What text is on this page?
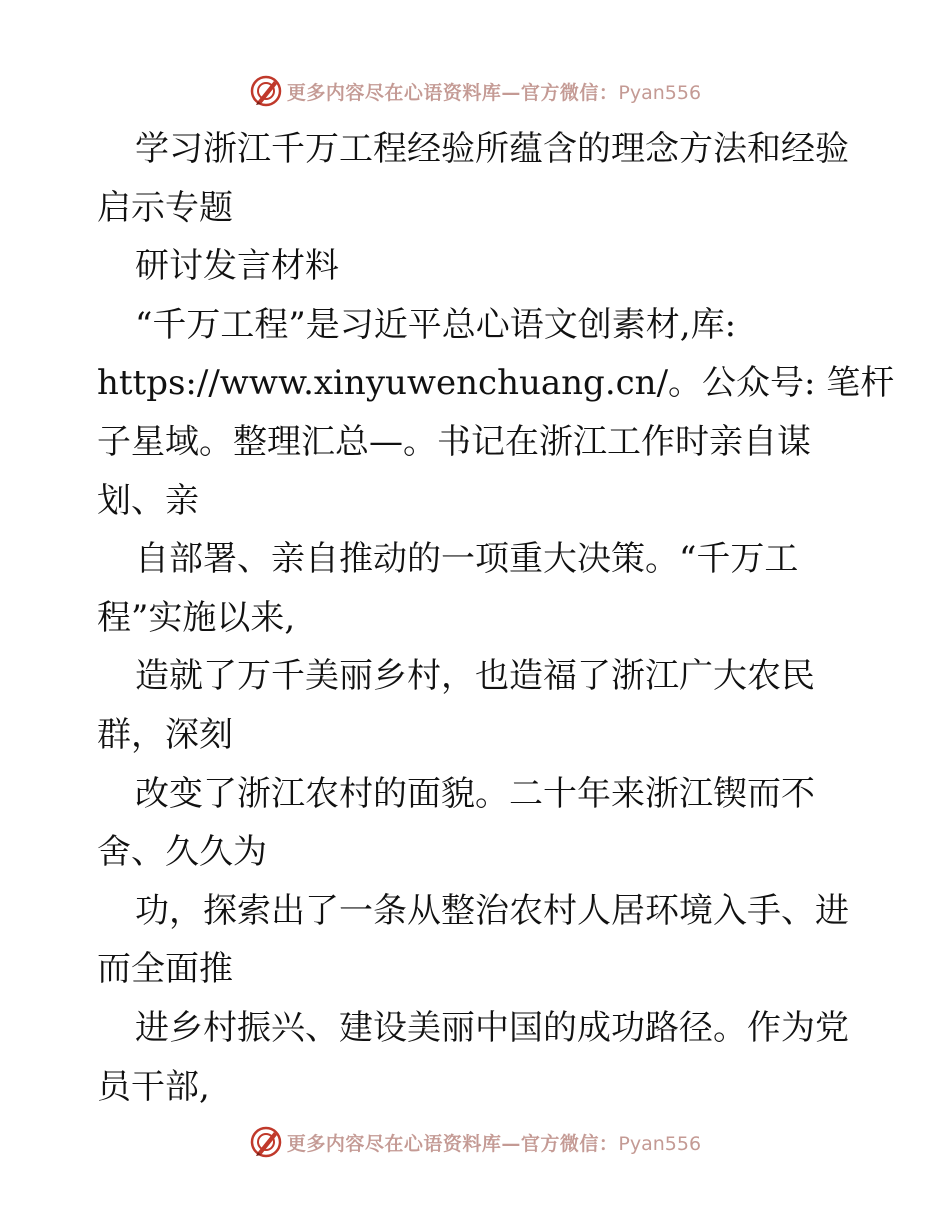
更多内容尽在心语资料库—官方微信：Pyan556
学习浙江千万工程经验所蕴含的理念方法和经验
启示专题
研讨发言材料
“千万工程”是习近平总心语文创素材,库:
https://www.xinyuwenchuang.cn/。公众号: 笔杆
子星域。整理汇总—。书记在浙江工作时亲自谋
划、亲
自部署、亲自推动的一项重大决策。“千万工
程”实施以来,
造就了万千美丽乡村，也造福了浙江广大农民
群，深刻
改变了浙江农村的面貌。二十年来浙江锲而不
舍、久久为
功，探索出了一条从整治农村人居环境入手、进
而全面推
进乡村振兴、建设美丽中国的成功路径。作为党
员干部,
更多内容尽在心语资料库—官方微信：Pyan556
